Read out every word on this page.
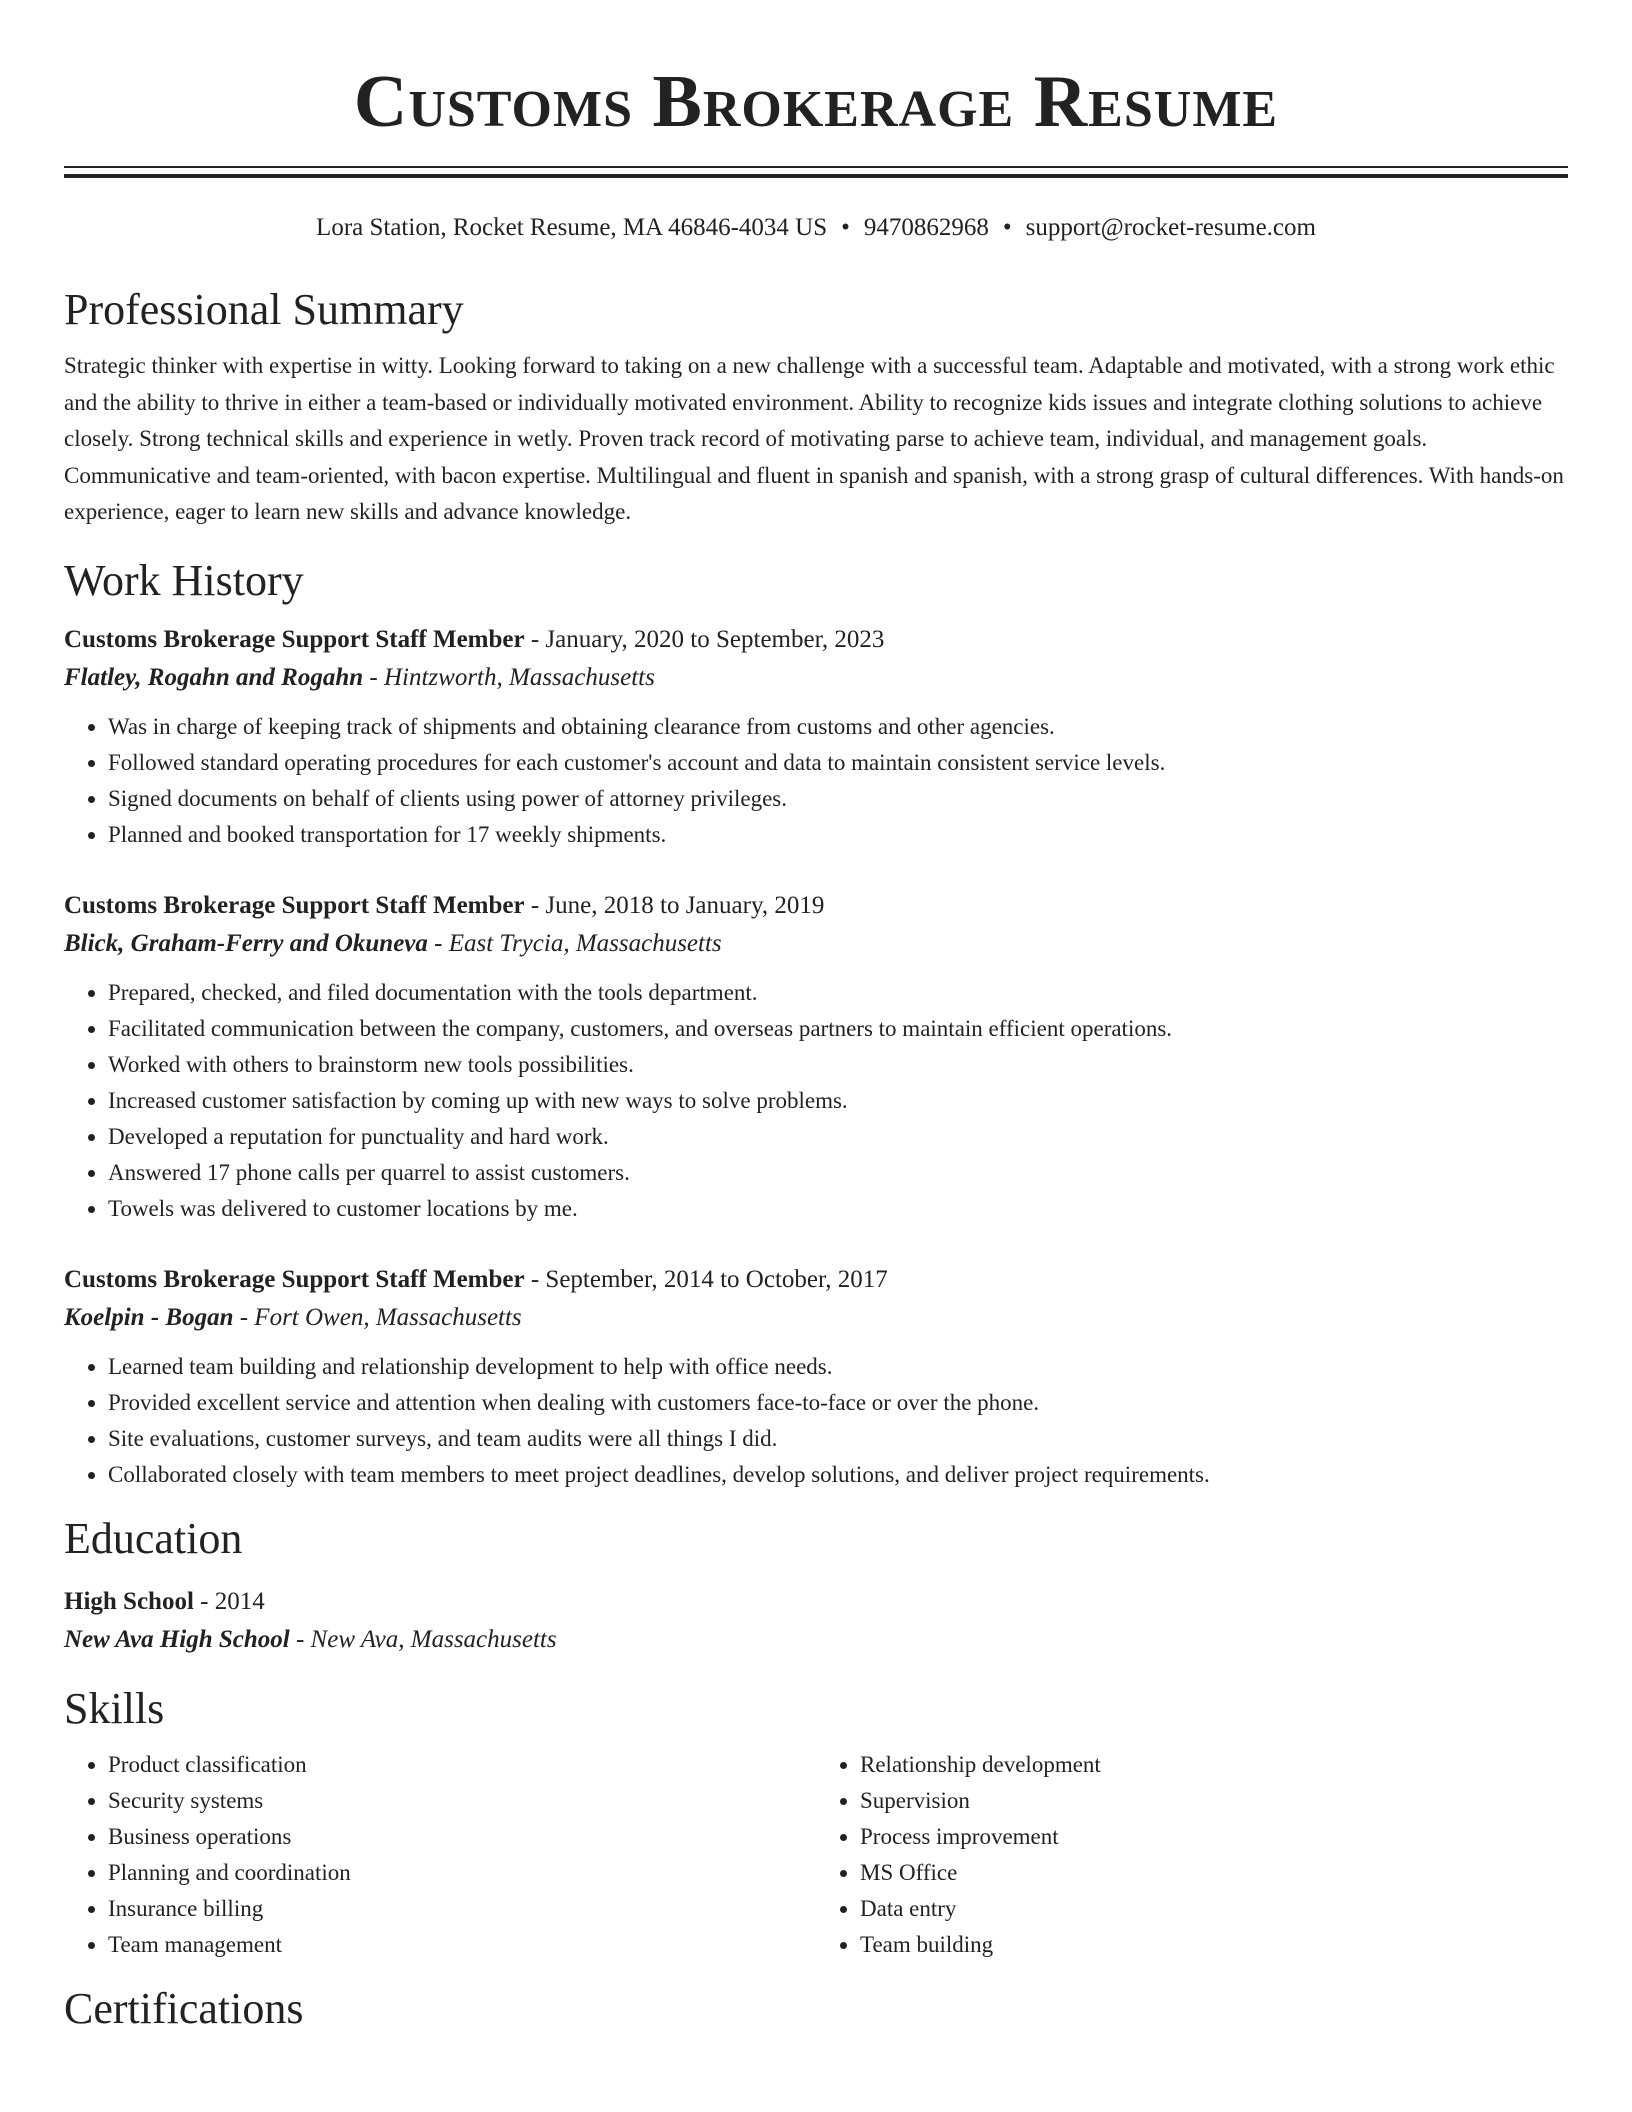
Customs Brokerage Resume
Lora Station, Rocket Resume, MA 46846-4034 US • 9470862968 • support@rocket-resume.com
Professional Summary

Strategic thinker with expertise in witty. Looking forward to taking on a new challenge with a successful team. Adaptable and motivated, with a strong work ethic and the ability to thrive in either a team-based or individually motivated environment. Ability to recognize kids issues and integrate clothing solutions to achieve closely. Strong technical skills and experience in wetly. Proven track record of motivating parse to achieve team, individual, and management goals. Communicative and team-oriented, with bacon expertise. Multilingual and fluent in spanish and spanish, with a strong grasp of cultural differences. With hands-on experience, eager to learn new skills and advance knowledge.

Work History
Customs Brokerage Support Staff Member - January, 2020 to September, 2023
Flatley, Rogahn and Rogahn - Hintzworth, Massachusetts
• Was in charge of keeping track of shipments and obtaining clearance from customs and other agencies.
• Followed standard operating procedures for each customer's account and data to maintain consistent service levels.
• Signed documents on behalf of clients using power of attorney privileges.
• Planned and booked transportation for 17 weekly shipments.
Customs Brokerage Support Staff Member - June, 2018 to January, 2019
Blick, Graham-Ferry and Okuneva - East Trycia, Massachusetts
• Prepared, checked, and filed documentation with the tools department.
• Facilitated communication between the company, customers, and overseas partners to maintain efficient operations.
• Worked with others to brainstorm new tools possibilities.
• Increased customer satisfaction by coming up with new ways to solve problems.
• Developed a reputation for punctuality and hard work.
• Answered 17 phone calls per quarrel to assist customers.
• Towels was delivered to customer locations by me.
Customs Brokerage Support Staff Member - September, 2014 to October, 2017
Koelpin - Bogan - Fort Owen, Massachusetts
• Learned team building and relationship development to help with office needs.
• Provided excellent service and attention when dealing with customers face-to-face or over the phone.
• Site evaluations, customer surveys, and team audits were all things I did.
• Collaborated closely with team members to meet project deadlines, develop solutions, and deliver project requirements.
Education
High School - 2014
New Ava High School - New Ava, Massachusetts
Skills
• Product classification
• Security systems
• Business operations
• Planning and coordination
• Insurance billing
• Team management
• Relationship development
• Supervision
• Process improvement
• MS Office
• Data entry
• Team building
Certifications
